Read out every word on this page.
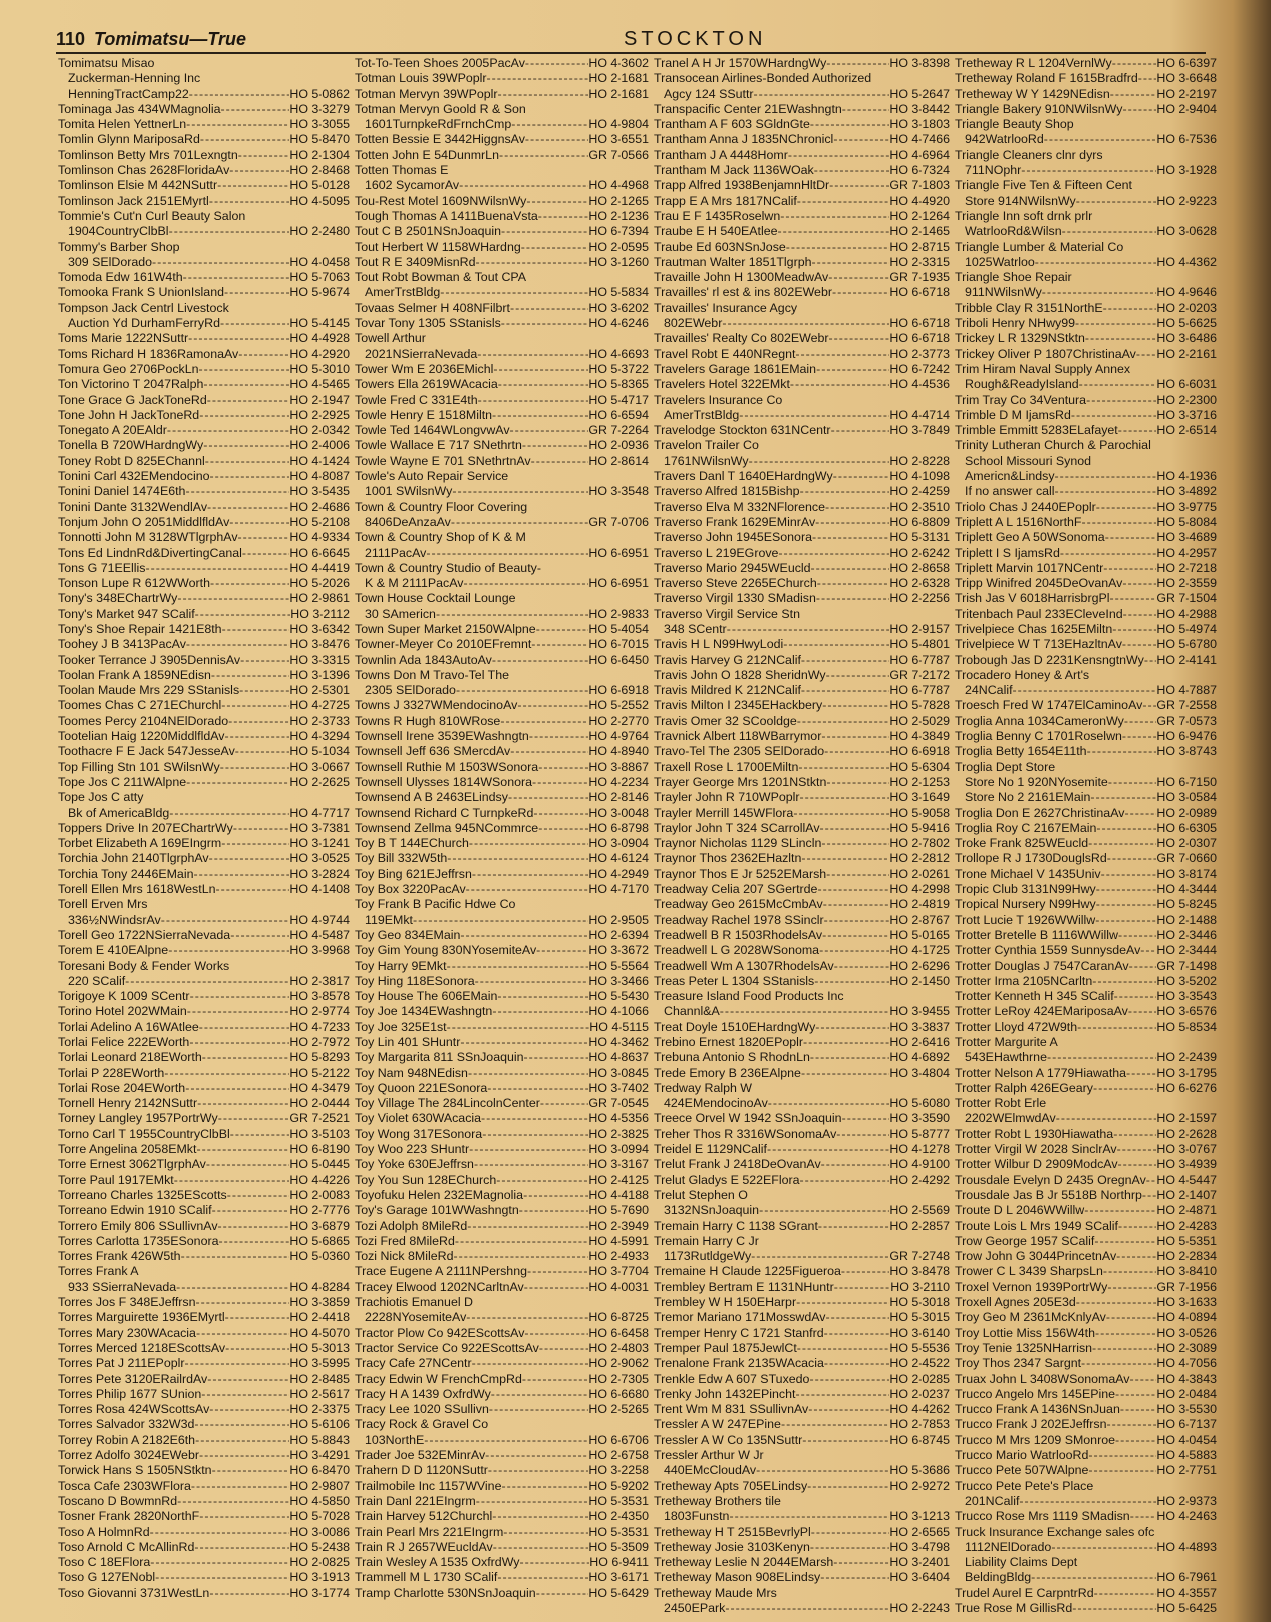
110 Tomimatsu—True	STOCKTON
Tomimatsu Misao
Zuckerman-Henning Inc
HenningTractCamp22 -----	HO 5-0862
Tominaga Jas 434WMagnolia -----	HO 3-3279
Tomita Helen YettnerLn -----	HO 3-3055
Tomlin Glynn MariposaRd -----	HO 5-8470
Tomlinson Betty Mrs 701Lexngtn -----	HO 2-1304
Tomlinson Chas 2628FloridaAv -----	HO 2-8468
Tomlinson Elsie M 442NSuttr -----	HO 5-0128
Tomlinson Jack 2151EMyrtl -----	HO 4-5095
Tommie's Cut'n Curl Beauty Salon
1904CountryClbBl -----	HO 2-2480
Tommy's Barber Shop
309 SElDorado -----	HO 4-0458
Tomoda Edw 161W4th -----	HO 5-7063
Tomooka Frank S UnionIsland -----	HO 5-9674
Tompson Jack Centrl Livestock
Auction Yd DurhamFerryRd -----	HO 5-4145
Toms Marie 1222NSuttr -----	HO 4-4928
Toms Richard H 1836RamonaAv -----	HO 4-2920
Tomura Geo 2706PockLn -----	HO 5-3010
Ton Victorino T 2047Ralph -----	HO 4-5465
Tone Grace G JackToneRd -----	HO 2-1947
Tone John H JackToneRd -----	HO 2-2925
Tonegato A 20EAldr -----	HO 2-0342
Tonella B 720WHardngWy -----	HO 2-4006
Toney Robt D 825EChannl -----	HO 4-1424
Tonini Carl 432EMendocino -----	HO 4-8087
Tonini Daniel 1474E6th -----	HO 3-5435
Tonini Dante 3132WendlAv -----	HO 2-4686
Tonjum John O 2051MiddlfldAv -----	HO 5-2108
Tonnotti John M 3128WTlgrphAv -----	HO 4-9334
Tons Ed LindnRd&DivertingCanal -----	HO 6-6645
Tons G 71EEllis -----	HO 4-4419
Tonson Lupe R 612WWorth -----	HO 5-2026
Tony's 348EChartrWy -----	HO 2-9861
Tony's Market 947 SCalif -----	HO 3-2112
Tony's Shoe Repair 1421E8th -----	HO 3-6342
Toohey J B 3413PacAv -----	HO 3-8476
Tooker Terrance J 3905DennisAv -----	HO 3-3315
Toolan Frank A 1859NEdisn -----	HO 3-1396
Toolan Maude Mrs 229 SStanisls -----	HO 2-5301
Toomes Chas C 271EChurchl -----	HO 4-2725
Toomes Percy 2104NElDorado -----	HO 2-3733
Tootelian Haig 1220MiddlfldAv -----	HO 4-3294
Toothacre F E Jack 547JesseAv -----	HO 5-1034
Top Filling Stn 101 SWilsnWy -----	HO 3-0667
Tope Jos C 211WAlpne -----	HO 2-2625
Tope Jos C atty
Bk of AmericaBldg -----	HO 4-7717
Toppers Drive In 207EChartrWy -----	HO 3-7381
Torbet Elizabeth A 169EIngrm -----	HO 3-1241
Torchia John 2140TlgrphAv -----	HO 3-0525
Torchia Tony 2446EMain -----	HO 3-2824
Torell Ellen Mrs 1618WestLn -----	HO 4-1408
Torell Erven Mrs
336½NWindsrAv -----	HO 4-9744
Torell Geo 1722NSierraNevada -----	HO 4-5487
Torem E 410EAlpne -----	HO 3-9968
Toresani Body & Fender Works
220 SCalif -----	HO 2-3817
Torigoye K 1009 SCentr -----	HO 3-8578
Torino Hotel 202WMain -----	HO 2-9774
Torlai Adelino A 16WAtlee -----	HO 4-7233
Torlai Felice 222EWorth -----	HO 2-7972
Torlai Leonard 218EWorth -----	HO 5-8293
Torlai P 228EWorth -----	HO 5-2122
Torlai Rose 204EWorth -----	HO 4-3479
Tornell Henry 2142NSuttr -----	HO 2-0444
Torney Langley 1957PortrWy -----	GR 7-2521
Torno Carl T 1955CountryClbBl -----	HO 3-5103
Torre Angelina 2058EMkt -----	HO 6-8190
Torre Ernest 3062TlgrphAv -----	HO 5-0445
Torre Paul 1917EMkt -----	HO 4-4226
Torreano Charles 1325EScotts -----	HO 2-0083
Torreano Edwin 1910 SCalif -----	HO 2-7776
Torrero Emily 806 SSullivnAv -----	HO 3-6879
Torres Carlotta 1735ESonora -----	HO 5-6865
Torres Frank 426W5th -----	HO 5-0360
Torres Frank A
933 SSierraNevada -----	HO 4-8284
Torres Jos F 348EJeffrsn -----	HO 3-3859
Torres Marguirette 1936EMyrtl -----	HO 2-4418
Torres Mary 230WAcacia -----	HO 4-5070
Torres Merced 1218EScottsAv -----	HO 5-3013
Torres Pat J 211EPoplr -----	HO 3-5995
Torres Pete 3120ERailrdAv -----	HO 2-8485
Torres Philip 1677 SUnion -----	HO 2-5617
Torres Rosa 424WScottsAv -----	HO 2-3375
Torres Salvador 332W3d -----	HO 5-6106
Torrey Robin A 2182E6th -----	HO 5-8843
Torrez Adolfo 3024EWebr -----	HO 3-4291
Torwick Hans S 1505NStktn -----	HO 6-8470
Tosca Cafe 2303WFlora -----	HO 2-9807
Toscano D BowmnRd -----	HO 4-5850
Tosner Frank 2820NorthF -----	HO 5-7028
Toso A HolmnRd -----	HO 3-0086
Toso Arnold C McAllinRd -----	HO 5-2438
Toso C 18EFlora -----	HO 2-0825
Toso G 127ENobl -----	HO 3-1913
Toso Giovanni 3731WestLn -----	HO 3-1774
Tot-To-Teen Shoes 2005PacAv -----	HO 4-3602
Totman Louis 39WPoplr -----	HO 2-1681
Totman Mervyn 39WPoplr -----	HO 2-1681
Totman Mervyn Goold R & Son
1601TurnpkeRdFrnchCmp -----	HO 4-9804
Totten Bessie E 3442HiggnsAv -----	HO 3-6551
Totten John E 54DunmrLn -----	GR 7-0566
Totten Thomas E
1602 SycamorAv -----	HO 4-4968
Tou-Rest Motel 1609NWilsnWy -----	HO 2-1265
Tough Thomas A 1411BuenaVsta -----	HO 2-1236
Tout C B 2501NSnJoaquin -----	HO 6-7394
Tout Herbert W 1158WHardng -----	HO 2-0595
Tout R E 3409MisnRd -----	HO 3-1260
Tout Robt Bowman & Tout CPA
AmerTrstBldg -----	HO 5-5834
Tovaas Selmer H 408NFilbrt -----	HO 3-6202
Tovar Tony 1305 SStanisls -----	HO 4-6246
Towell Arthur
2021NSierraNevada -----	HO 4-6693
Tower Wm E 2036EMichl -----	HO 5-3722
Towers Ella 2619WAcacia -----	HO 5-8365
Towle Fred C 331E4th -----	HO 5-4717
Towle Henry E 1518Miltn -----	HO 6-6594
Towle Ted 1464WLongvwAv -----	GR 7-2264
Towle Wallace E 717 SNethrtn -----	HO 2-0936
Towle Wayne E 701 SNethrtnAv -----	HO 2-8614
Towle's Auto Repair Service
1001 SWilsnWy -----	HO 3-3548
Town & Country Floor Covering
8406DeAnzaAv -----	GR 7-0706
Town & Country Shop of K & M
2111PacAv -----	HO 6-6951
Town & Country Studio of Beauty-
K & M 2111PacAv -----	HO 6-6951
Town House Cocktail Lounge
30 SAmericn -----	HO 2-9833
Town Super Market 2150WAlpne -----	HO 5-4054
Towner-Meyer Co 2010EFremnt -----	HO 6-7015
Townlin Ada 1843AutoAv -----	HO 6-6450
Towns Don M Travo-Tel The
2305 SElDorado -----	HO 6-6918
Towns J 3327WMendocinoAv -----	HO 5-2552
Towns R Hugh 810WRose -----	HO 2-2770
Townsell Irene 3539EWashngtn -----	HO 4-9764
Townsell Jeff 636 SMercdAv -----	HO 4-8940
Townsell Ruthie M 1503WSonora -----	HO 3-8867
Townsell Ulysses 1814WSonora -----	HO 4-2234
Townsend A B 2463ELindsy -----	HO 2-8146
Townsend Richard C TurnpkeRd -----	HO 3-0048
Townsend Zellma 945NCommrce -----	HO 6-8798
Toy B T 144EChurch -----	HO 3-0904
Toy Bill 332W5th -----	HO 4-6124
Toy Bing 621EJeffrsn -----	HO 4-2949
Toy Box 3220PacAv -----	HO 4-7170
Toy Frank B Pacific Hdwe Co
119EMkt -----	HO 2-9505
Toy Geo 834EMain -----	HO 2-6394
Toy Gim Young 830NYosemiteAv -----	HO 3-3672
Toy Harry 9EMkt -----	HO 5-5564
Toy Hing 118ESonora -----	HO 3-3466
Toy House The 606EMain -----	HO 5-5430
Toy Joe 1434EWashngtn -----	HO 4-1066
Toy Joe 325E1st -----	HO 4-5115
Toy Lin 401 SHuntr -----	HO 4-3462
Toy Margarita 811 SSnJoaquin -----	HO 4-8637
Toy Nam 948NEdisn -----	HO 3-0845
Toy Quoon 221ESonora -----	HO 3-7402
Toy Village The 284LincolnCenter -----	GR 7-0545
Toy Violet 630WAcacia -----	HO 4-5356
Toy Wong 317ESonora -----	HO 2-3825
Toy Woo 223 SHuntr -----	HO 3-0994
Toy Yoke 630EJeffrsn -----	HO 3-3167
Toy You Sun 128EChurch -----	HO 2-4125
Toyofuku Helen 232EMagnolia -----	HO 4-4188
Toy's Garage 101WWashngtn -----	HO 5-7690
Tozi Adolph 8MileRd -----	HO 2-3949
Tozi Fred 8MileRd -----	HO 4-5991
Tozi Nick 8MileRd -----	HO 2-4933
Trace Eugene A 2111NPershng -----	HO 3-7704
Tracey Elwood 1202NCarltnAv -----	HO 4-0031
Trachiotis Emanuel D
2228NYosemiteAv -----	HO 6-8725
Tractor Plow Co 942EScottsAv -----	HO 6-6458
Tractor Service Co 922EScottsAv -----	HO 2-4803
Tracy Cafe 27NCentr -----	HO 2-9062
Tracy Edwin W FrenchCmpRd -----	HO 2-7305
Tracy H A 1439 OxfrdWy -----	HO 6-6680
Tracy Lee 1020 SSullivn -----	HO 2-5265
Tracy Rock & Gravel Co
103NorthE -----	HO 6-6706
Trader Joe 532EMinrAv -----	HO 2-6758
Trahern D D 1120NSuttr -----	HO 3-2258
Trailmobile Inc 1157WVine -----	HO 5-9202
Train Danl 221EIngrm -----	HO 5-3531
Train Harvey 512Churchl -----	HO 2-4350
Train Pearl Mrs 221EIngrm -----	HO 5-3531
Train R J 2657WEucldAv -----	HO 5-3509
Train Wesley A 1535 OxfrdWy -----	HO 6-9411
Trammell M L 1730 SCalif -----	HO 3-6171
Tramp Charlotte 530NSnJoaquin -----	HO 5-6429
Tranel A H Jr 1570WHardngWy -----	HO 3-8398
Transocean Airlines-Bonded Authorized
Agcy 124 SSuttr -----	HO 5-2647
Transpacific Center 21EWashngtn -----	HO 3-8442
Trantham A F 603 SGldnGte -----	HO 3-1803
Trantham Anna J 1835NChronicl -----	HO 4-7466
Trantham J A 4448Homr -----	HO 4-6964
Trantham M Jack 1136WOak -----	HO 6-7324
Trapp Alfred 1938BenjamnHltDr -----	GR 7-1803
Trapp E A Mrs 1817NCalif -----	HO 4-4920
Trau E F 1435Roselwn -----	HO 2-1264
Traube E H 540EAtlee -----	HO 2-1465
Traube Ed 603NSnJose -----	HO 2-8715
Trautman Walter 1851Tlgrph -----	HO 2-3315
Travaille John H 1300MeadwAv -----	GR 7-1935
Travailles' rl est & ins 802EWebr -----	HO 6-6718
Travailles' Insurance Agcy
802EWebr -----	HO 6-6718
Travailles' Realty Co 802EWebr -----	HO 6-6718
Travel Robt E 440NRegnt -----	HO 2-3773
Travelers Garage 1861EMain -----	HO 6-7242
Travelers Hotel 322EMkt -----	HO 4-4536
Travelers Insurance Co
AmerTrstBldg -----	HO 4-4714
Travelodge Stockton 631NCentr -----	HO 3-7849
Travelon Trailer Co
1761NWilsnWy -----	HO 2-8228
Travers Danl T 1640EHardngWy -----	HO 4-1098
Traverso Alfred 1815Bishp -----	HO 2-4259
Traverso Elva M 332NFlorence -----	HO 2-3510
Traverso Frank 1629EMinrAv -----	HO 6-8809
Traverso John 1945ESonora -----	HO 5-3131
Traverso L 219EGrove -----	HO 2-6242
Traverso Mario 2945WEucld -----	HO 2-8658
Traverso Steve 2265EChurch -----	HO 2-6328
Traverso Virgil 1330 SMadisn -----	HO 2-2256
Traverso Virgil Service Stn
348 SCentr -----	HO 2-9157
Travis H L N99HwyLodi -----	HO 5-4801
Travis Harvey G 212NCalif -----	HO 6-7787
Travis John O 1828 SheridnWy -----	GR 7-2172
Travis Mildred K 212NCalif -----	HO 6-7787
Travis Milton I 2345EHackbery -----	HO 5-7828
Travis Omer 32 SCooldge -----	HO 2-5029
Travnick Albert 118WBarrymor -----	HO 4-3849
Travo-Tel The 2305 SElDorado -----	HO 6-6918
Traxell Rose L 1700EMiltn -----	HO 5-6304
Trayer George Mrs 1201NStktn -----	HO 2-1253
Trayler John R 710WPoplr -----	HO 3-1649
Trayler Merrill 145WFlora -----	HO 5-9058
Traylor John T 324 SCarrollAv -----	HO 5-9416
Traynor Nicholas 1129 SLincln -----	HO 2-7802
Traynor Thos 2362EHazltn -----	HO 2-2812
Traynor Thos E Jr 5252EMarsh -----	HO 2-0261
Treadway Celia 207 SGertrde -----	HO 4-2998
Treadway Geo 2615McCmbAv -----	HO 2-4819
Treadway Rachel 1978 SSinclr -----	HO 2-8767
Treadwell B R 1503RhodelsAv -----	HO 5-0165
Treadwell L G 2028WSonoma -----	HO 4-1725
Treadwell Wm A 1307RhodelsAv -----	HO 2-6296
Treas Peter L 1304 SStanisls -----	HO 2-1450
Treasure Island Food Products Inc
Channl&A -----	HO 3-9455
Treat Doyle 1510EHardngWy -----	HO 3-3837
Trebino Ernest 1820EPoplr -----	HO 2-6416
Trebuna Antonio S RhodnLn -----	HO 4-6892
Trede Emory B 236EAlpne -----	HO 3-4804
Tredway Ralph W
424EMendocinoAv -----	HO 5-6080
Treece Orvel W 1942 SSnJoaquin -----	HO 3-3590
Treher Thos R 3316WSonomaAv -----	HO 5-8777
Treidel E 1129NCalif -----	HO 4-1278
Trelut Frank J 2418DeOvanAv -----	HO 4-9100
Trelut Gladys E 522EFlora -----	HO 2-4292
Trelut Stephen O
3132NSnJoaquin -----	HO 2-5569
Tremain Harry C 1138 SGrant -----	HO 2-2857
Tremain Harry C Jr
1173RutldgeWy -----	GR 7-2748
Tremaine H Claude 1225Figueroa -----	HO 3-8478
Trembley Bertram E 1131NHuntr -----	HO 3-2110
Trembley W H 150EHarpr -----	HO 5-3018
Tremor Mariano 171MosswdAv -----	HO 5-3015
Tremper Henry C 1721 Stanfrd -----	HO 3-6140
Tremper Paul 1875JewlCt -----	HO 5-5536
Trenalone Frank 2135WAcacia -----	HO 2-4522
Trenkle Edw A 607 STuxedo -----	HO 2-0285
Trenky John 1432EPincht -----	HO 2-0237
Trent Wm M 831 SSullivnAv -----	HO 4-4262
Tressler A W 247EPine -----	HO 2-7853
Tressler A W Co 135NSuttr -----	HO 6-8745
Tressler Arthur W Jr
440EMcCloudAv -----	HO 5-3686
Tretheway Apts 705ELindsy -----	HO 2-9272
Tretheway Brothers tile
1803Funstn -----	HO 3-1213
Tretheway H T 2515BevrlyPl -----	HO 2-6565
Tretheway Josie 3103Kenyn -----	HO 3-4798
Tretheway Leslie N 2044EMarsh -----	HO 3-2401
Tretheway Mason 908ELindsy -----	HO 3-6404
Tretheway Maude Mrs
2450EPark -----	HO 2-2243
Tretheway R L 1204VernlWy -----	HO 6-6397
Tretheway Roland F 1615Bradfrd ----- HO 3-6648
Tretheway W Y 1429NEdisn -----	HO 2-2197
Triangle Bakery 910NWilsnWy -----	HO 2-9404
Triangle Beauty Shop
942WatrlooRd -----	HO 6-7536
Triangle Cleaners clnr dyrs
711NOphr -----	HO 3-1928
Triangle Five Ten & Fifteen Cent
Store 914NWilsnWy -----	HO 2-9223
Triangle Inn soft drnk prlr
WatrlooRd&Wilsn -----	HO 3-0628
Triangle Lumber & Material Co
1025Watrloo -----	HO 4-4362
Triangle Shoe Repair
911NWilsnWy -----	HO 4-9646
Tribble Clay R 3151NorthE -----	HO 2-0203
Triboli Henry NHwy99 -----	HO 5-6625
Trickey L R 1329NStktn -----	HO 3-6486
Trickey Oliver P 1807ChristinaAv ----- HO 2-2161
Trim Hiram Naval Supply Annex
Rough&ReadyIsland -----	HO 6-6031
Trim Tray Co 34Ventura -----	HO 2-2300
Trimble D M IjamsRd -----	HO 3-3716
Trimble Emmitt 5283ELafayet -----	HO 2-6514
Trinity Lutheran Church & Parochial
School Missouri Synod
Americn&Lindsy -----	HO 4-1936
If no answer call -----	HO 3-4892
Triolo Chas J 2440EPoplr -----	HO 3-9775
Triplett A L 1516NorthF -----	HO 5-8084
Triplett Geo A 50WSonoma -----	HO 3-4689
Triplett I S IjamsRd -----	HO 4-2957
Triplett Marvin 1017NCentr -----	HO 2-7218
Tripp Winifred 2045DeOvanAv -----	HO 2-3559
Trish Jas V 6018HarrisbrgPl -----	GR 7-1504
Tritenbach Paul 233ECleveInd -----	HO 4-2988
Trivelpiece Chas 1625EMiltn -----	HO 5-4974
Trivelpiece W T 713EHazltnAv -----	HO 5-6780
Trobough Jas D 2231KensngtnWy ----- HO 2-4141
Trocadero Honey & Art's
24NCalif -----	HO 4-7887
Troesch Fred W 1747ElCaminoAv ----- GR 7-2558
Troglia Anna 1034CameronWy -----	GR 7-0573
Troglia Benny C 1701Roselwn -----	HO 6-9476
Troglia Betty 1654E11th -----	HO 3-8743
Troglia Dept Store
Store No 1 920NYosemite -----	HO 6-7150
Store No 2 2161EMain -----	HO 3-0584
Troglia Don E 2627ChristinaAv -----	HO 2-0989
Troglia Roy C 2167EMain -----	HO 6-6305
Troke Frank 825WEucld -----	HO 2-0307
Trollope R J 1730DouglsRd -----	GR 7-0660
Trone Michael V 1435Univ -----	HO 3-8174
Tropic Club 3131N99Hwy -----	HO 4-3444
Tropical Nursery N99Hwy -----	HO 5-8245
Trott Lucie T 1926WWillw -----	HO 2-1488
Trotter Bretelle B 1116WWillw -----	HO 2-3446
Trotter Cynthia 1559 SunnysdeAv ----- HO 2-3444
Trotter Douglas J 7547CaranAv ----- GR 7-1498
Trotter Irma 2105NCarltn -----	HO 3-5202
Trotter Kenneth H 345 SCalif -----	HO 3-3543
Trotter LeRoy 424EMariposaAv ----- HO 3-6576
Trotter Lloyd 472W9th -----	HO 5-8534
Trotter Margurite A
543EHawthrne -----	HO 2-2439
Trotter Nelson A 1779Hiawatha ----- HO 3-1795
Trotter Ralph 426EGeary -----	HO 6-6276
Trotter Robt Erle
2202WElmwdAv -----	HO 2-1597
Trotter Robt L 1930Hiawatha -----	HO 2-2628
Trotter Virgil W 2028 SinclrAv -----	HO 3-0767
Trotter Wilbur D 2909ModcAv -----	HO 3-4939
Trousdale Evelyn D 2435 OregnAv ----- HO 4-5447
Trousdale Jas B Jr 5518B Northrp ----- HO 2-1407
Troute D L 2046WWillw -----	HO 2-4871
Troute Lois L Mrs 1949 SCalif -----	HO 2-4283
Trow George 1957 SCalif -----	HO 5-5351
Trow John G 3044PrincetnAv -----	HO 2-2834
Trower C L 3439 SharpsLn -----	HO 3-8410
Troxel Vernon 1939PortrWy -----	GR 7-1956
Troxell Agnes 205E3d -----	HO 3-1633
Troy Geo M 2361McKnlyAv -----	HO 4-0894
Troy Lottie Miss 156W4th -----	HO 3-0526
Troy Tenie 1325NHarrisn -----	HO 2-3089
Troy Thos 2347 Sargnt -----	HO 4-7056
Truax John L 3408WSonomaAv ----- HO 4-3843
Trucco Angelo Mrs 145EPine -----	HO 2-0484
Trucco Frank A 1436NSnJuan -----	HO 3-5530
Trucco Frank J 202EJeffrsn -----	HO 6-7137
Trucco M Mrs 1209 SMonroe -----	HO 4-0454
Trucco Mario WatrlooRd -----	HO 4-5883
Trucco Pete 507WAlpne -----	HO 2-7751
Trucco Pete Pete's Place
201NCalif -----	HO 2-9373
Trucco Rose Mrs 1119 SMadisn ----- HO 4-2463
Truck Insurance Exchange sales ofc
1112NElDorado -----	HO 4-4893
Liability Claims Dept
BeldingBldg -----	HO 6-7961
Trudel Aurel E CarpntrRd -----	HO 4-3557
True Rose M GillisRd -----	HO 5-6425
